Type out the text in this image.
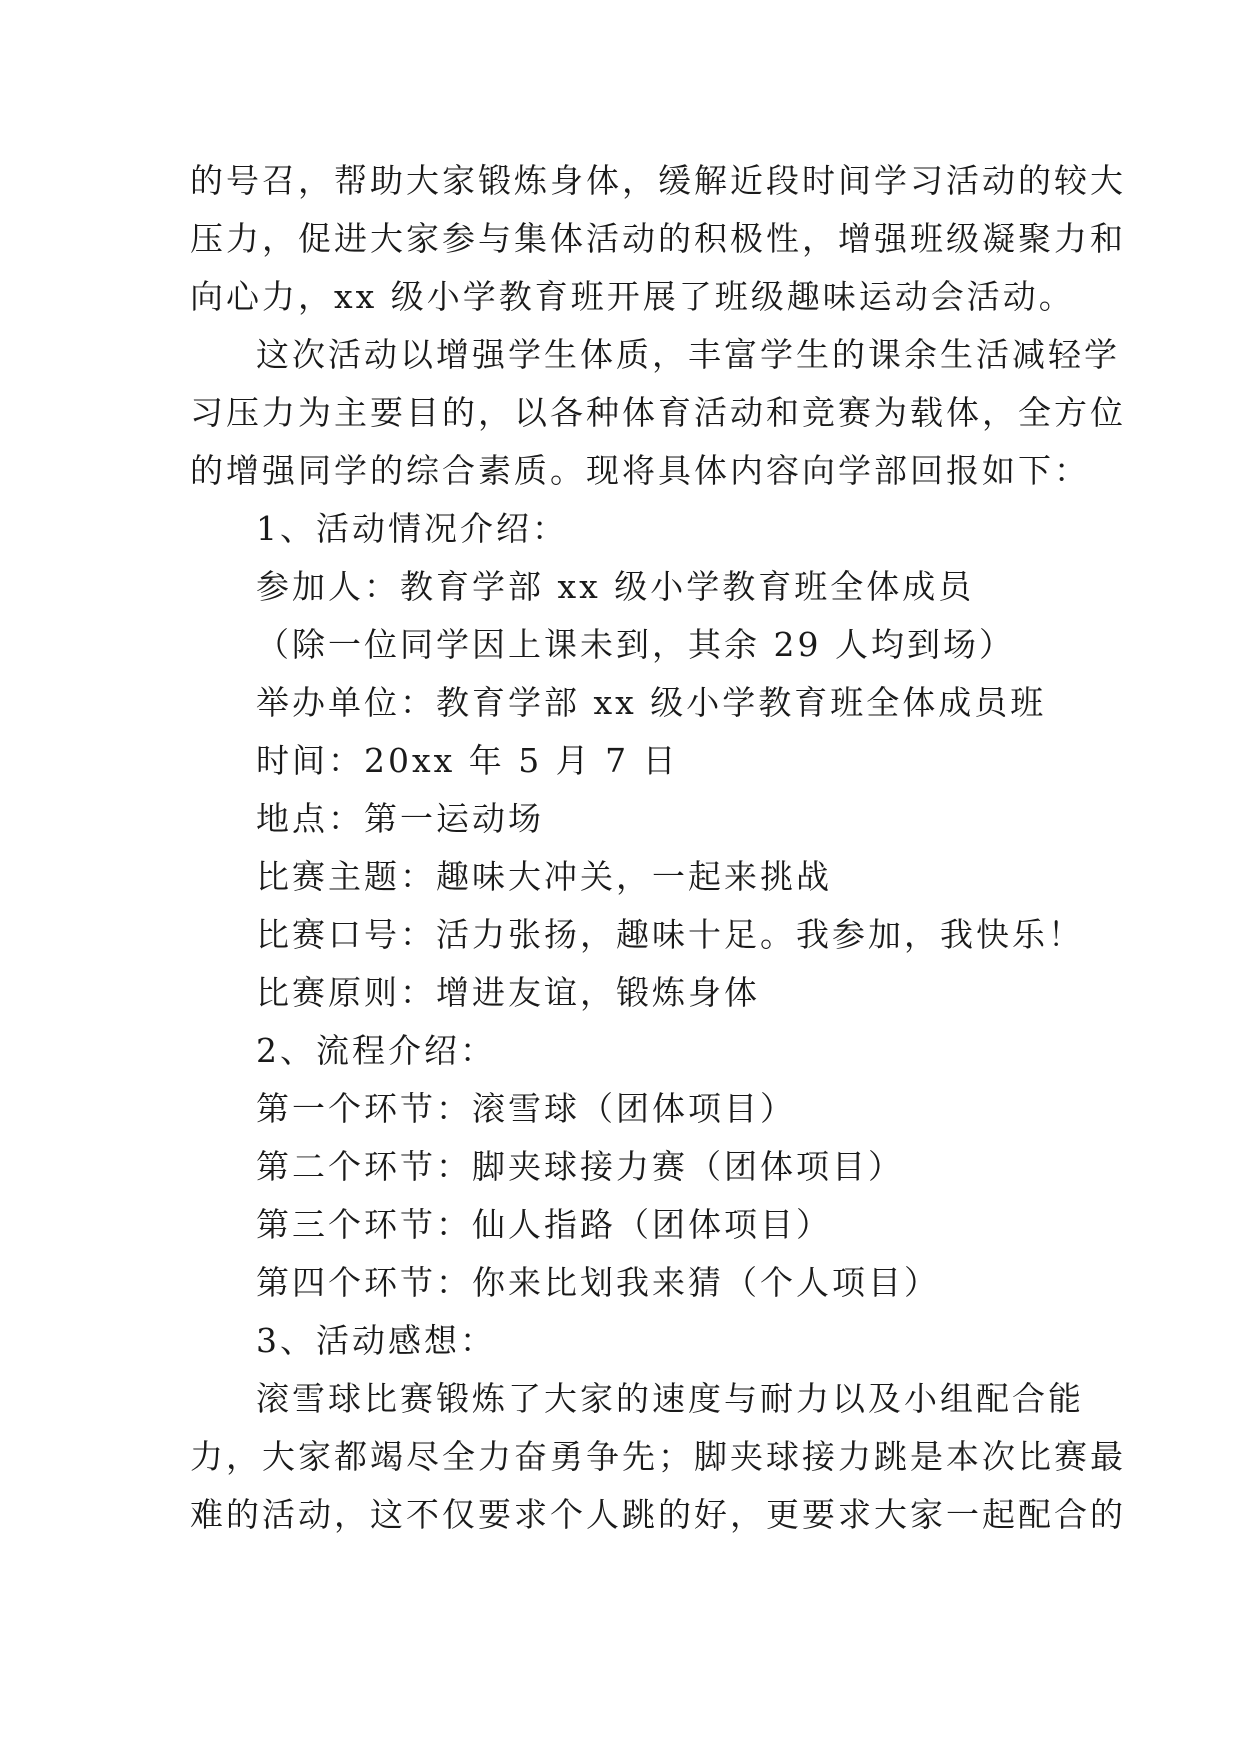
的号召，帮助大家锻炼身体，缓解近段时间学习活动的较大
压力，促进大家参与集体活动的积极性，增强班级凝聚力和
向心力，xx 级小学教育班开展了班级趣味运动会活动。
这次活动以增强学生体质，丰富学生的课余生活减轻学
习压力为主要目的，以各种体育活动和竞赛为载体，全方位
的增强同学的综合素质。现将具体内容向学部回报如下：
1、活动情况介绍：
参加人：教育学部 xx 级小学教育班全体成员
（除一位同学因上课未到，其余 29 人均到场）
举办单位：教育学部 xx 级小学教育班全体成员班
时间：20xx 年 5 月 7 日
地点：第一运动场
比赛主题：趣味大冲关，一起来挑战
比赛口号：活力张扬，趣味十足。我参加，我快乐！
比赛原则：增进友谊，锻炼身体
2、流程介绍：
第一个环节：滚雪球（团体项目）
第二个环节：脚夹球接力赛（团体项目）
第三个环节：仙人指路（团体项目）
第四个环节：你来比划我来猜（个人项目）
3、活动感想：
滚雪球比赛锻炼了大家的速度与耐力以及小组配合能
力，大家都竭尽全力奋勇争先；脚夹球接力跳是本次比赛最
难的活动，这不仅要求个人跳的好，更要求大家一起配合的
